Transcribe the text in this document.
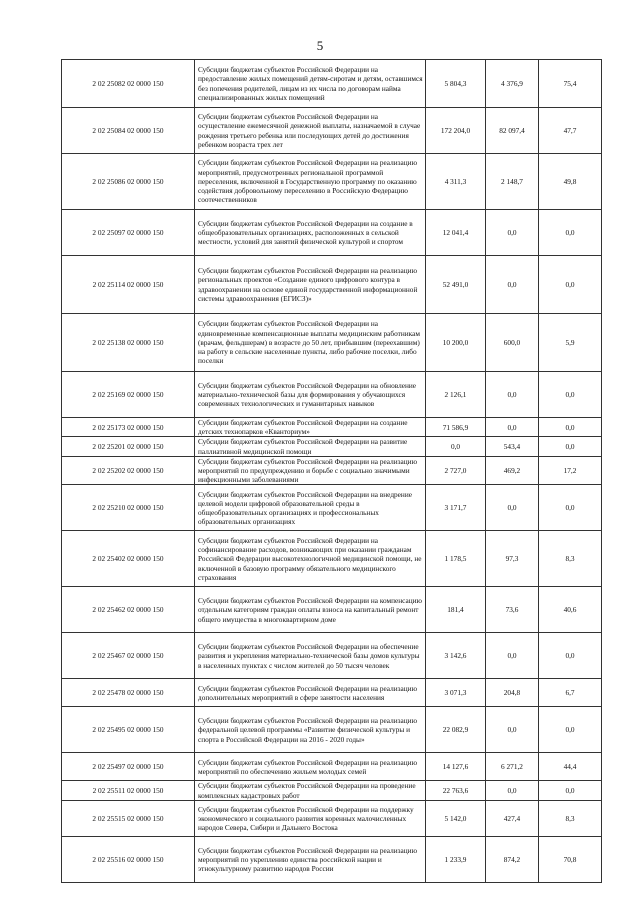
5
2 02 25082 02 0000 150	Субсидии бюджетам субъектов Российской Федерации на предоставление жилых помещений детям-сиротам и детям, оставшимся без попечения родителей, лицам из их числа по договорам найма специализированных жилых помещений	5 804,3	4 376,9	75,4
2 02 25084 02 0000 150	Субсидии бюджетам субъектов Российской Федерации на осуществление ежемесячной денежной выплаты, назначаемой в случае рождения третьего ребенка или последующих детей до достижения ребенком возраста трех лет	172 204,0	82 097,4	47,7
2 02 25086 02 0000 150	Субсидии бюджетам субъектов Российской Федерации на реализацию мероприятий, предусмотренных региональной программой переселения, включенной в Государственную программу по оказанию содействия добровольному переселению в Российскую Федерацию соотечественников	4 311,3	2 148,7	49,8
2 02 25097 02 0000 150	Субсидии бюджетам субъектов Российской Федерации на создание в общеобразовательных организациях, расположенных в сельской местности, условий для занятий физической культурой и спортом	12 041,4	0,0	0,0
2 02 25114 02 0000 150	Субсидии бюджетам субъектов Российской Федерации на реализацию региональных проектов «Создание единого цифрового контура в здравоохранении на основе единой государственной информационной системы здравоохранения (ЕГИСЗ)»	52 491,0	0,0	0,0
2 02 25138 02 0000 150	Субсидии бюджетам субъектов Российской Федерации на единовременные компенсационные выплаты медицинским работникам (врачам, фельдшерам) в возрасте до 50 лет, прибывшим (переехавшим) на работу в сельские населенные пункты, либо рабочие поселки, либо поселки	10 200,0	600,0	5,9
2 02 25169 02 0000 150	Субсидии бюджетам субъектов Российской Федерации на обновление материально-технической базы для формирования у обучающихся современных технологических и гуманитарных навыков	2 126,1	0,0	0,0
2 02 25173 02 0000 150	Субсидии бюджетам субъектов Российской Федерации на создание детских технопарков «Кванториум»	71 586,9	0,0	0,0
2 02 25201 02 0000 150	Субсидии бюджетам субъектов Российской Федерации на развитие паллиативной медицинской помощи	0,0	543,4	0,0
2 02 25202 02 0000 150	Субсидии бюджетам субъектов Российской Федерации на реализацию мероприятий по предупреждению и борьбе с социально значимыми инфекционными заболеваниями	2 727,0	469,2	17,2
2 02 25210 02 0000 150	Субсидии бюджетам субъектов Российской Федерации на внедрение целевой модели цифровой образовательной среды в общеобразовательных организациях и профессиональных образовательных организациях	3 171,7	0,0	0,0
2 02 25402 02 0000 150	Субсидии бюджетам субъектов Российской Федерации на софинансирование расходов, возникающих при оказании гражданам Российской Федерации высокотехнологичной медицинской помощи, не включенной в базовую программу обязательного медицинского страхования	1 178,5	97,3	8,3
2 02 25462 02 0000 150	Субсидии бюджетам субъектов Российской Федерации на компенсацию отдельным категориям граждан оплаты взноса на капитальный ремонт общего имущества в многоквартирном доме	181,4	73,6	40,6
2 02 25467 02 0000 150	Субсидии бюджетам субъектов Российской Федерации на обеспечение развития и укрепления материально-технической базы домов культуры в населенных пунктах с числом жителей до 50 тысяч человек	3 142,6	0,0	0,0
2 02 25478 02 0000 150	Субсидии бюджетам субъектов Российской Федерации на реализацию дополнительных мероприятий в сфере занятости населения	3 071,3	204,8	6,7
2 02 25495 02 0000 150	Субсидии бюджетам субъектов Российской Федерации на реализацию федеральной целевой программы «Развитие физической культуры и спорта в Российской Федерации на 2016 - 2020 годы»	22 082,9	0,0	0,0
2 02 25497 02 0000 150	Субсидии бюджетам субъектов Российской Федерации на реализацию мероприятий по обеспечению жильем молодых семей	14 127,6	6 271,2	44,4
2 02 25511 02 0000 150	Субсидии бюджетам субъектов Российской Федерации на проведение комплексных кадастровых работ	22 763,6	0,0	0,0
2 02 25515 02 0000 150	Субсидии бюджетам субъектов Российской Федерации на поддержку экономического и социального развития коренных малочисленных народов Севера, Сибири и Дальнего Востока	5 142,0	427,4	8,3
2 02 25516 02 0000 150	Субсидии бюджетам субъектов Российской Федерации на реализацию мероприятий по укреплению единства российской нации и этнокультурному развитию народов России	1 233,9	874,2	70,8
